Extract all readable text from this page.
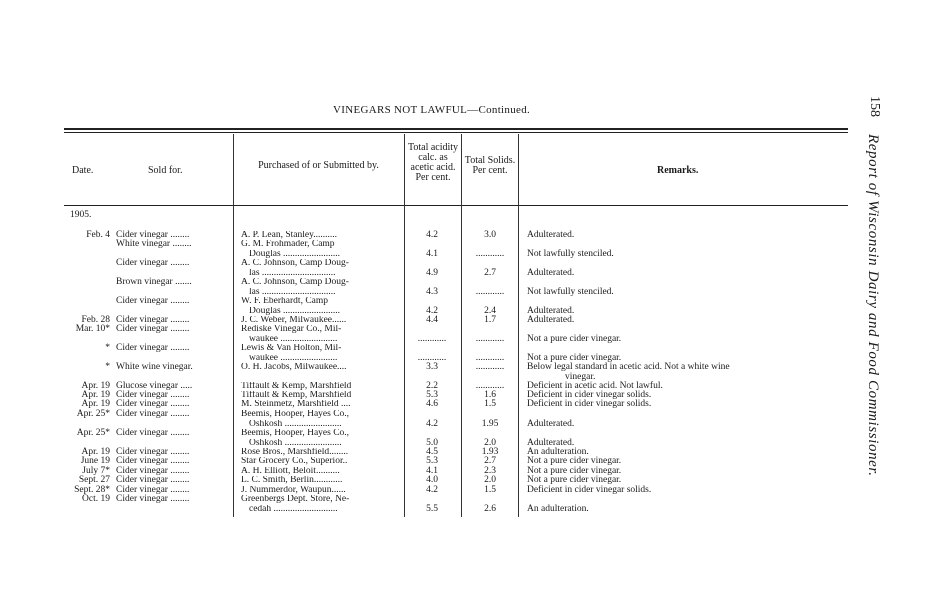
VINEGARS NOT LAWFUL—Continued.	158
Report of Wisconsin Dairy and Food Commissioner.
Date.	Sold for.	Purchased of or Submitted by.
Total acidity calc. as acetic acid. Per cent.
Total Solids. Per cent.	Remarks.
1905.
Feb. 4 Cider vinegar ........	A. P. Lean, Stanley..........	4.2	3.0	Adulterated.
White vinegar ........	G. M. Frohmader, Camp
Douglas ........................	4.1	............	Not lawfully stenciled.
Cider vinegar ........	A. C. Johnson, Camp Doug-
las ...............................	4.9	2.7	Adulterated.
Brown vinegar .......	A. C. Johnson, Camp Doug-
las ...............................	4.3	............	Not lawfully stenciled.
Cider vinegar ........	W. F. Eberhardt, Camp
Douglas ........................	4.2	2.4	Adulterated.
Feb. 28 Cider vinegar ........	J. C. Weber, Milwaukee......	4.4	1.7	Adulterated.
Mar. 10* Cider vinegar ........	Rediske Vinegar Co., Mil-
waukee ........................	............	............	Not a pure cider vinegar.
* Cider vinegar ........	Lewis & Van Holton, Mil-
waukee ........................	............	............	Not a pure cider vinegar.
* White wine vinegar.	O. H. Jacobs, Milwaukee....	3.3	............	Below legal standard in acetic acid. Not a white wine
vinegar.
Apr. 19 Glucose vinegar .....	Tiffault & Kemp, Marshfield	2.2	............	Deficient in acetic acid. Not lawful.
Apr. 19 Cider vinegar ........	Tiffault & Kemp, Marshfield	5.3	1.6	Deficient in cider vinegar solids.
Apr. 19 Cider vinegar ........	M. Steinmetz, Marshfield ....	4.6	1.5	Deficient in cider vinegar solids.
Apr. 25* Cider vinegar ........	Beemis, Hooper, Hayes Co.,
Oshkosh ........................	4.2	1.95	Adulterated.
Apr. 25* Cider vinegar ........	Beemis, Hooper, Hayes Co.,
Oshkosh ........................	5.0	2.0	Adulterated.
Apr. 19 Cider vinegar ........	Rose Bros., Marshfield........	4.5	1.93	An adulteration.
June 19 Cider vinegar ........	Star Grocery Co., Superior..	5.3	2.7	Not a pure cider vinegar.
July 7* Cider vinegar ........	A. H. Elliott, Beloit..........	4.1	2.3	Not a pure cider vinegar.
Sept. 27 Cider vinegar ........	L. C. Smith, Berlin............	4.0	2.0	Not a pure cider vinegar.
Sept. 28* Cider vinegar ........	J. Nummerdor, Waupun......	4.2	1.5	Deficient in cider vinegar solids.
Oct. 19 Cider vinegar ........	Greenbergs Dept. Store, Ne-
cedah ...........................	5.5	2.6	An adulteration.
